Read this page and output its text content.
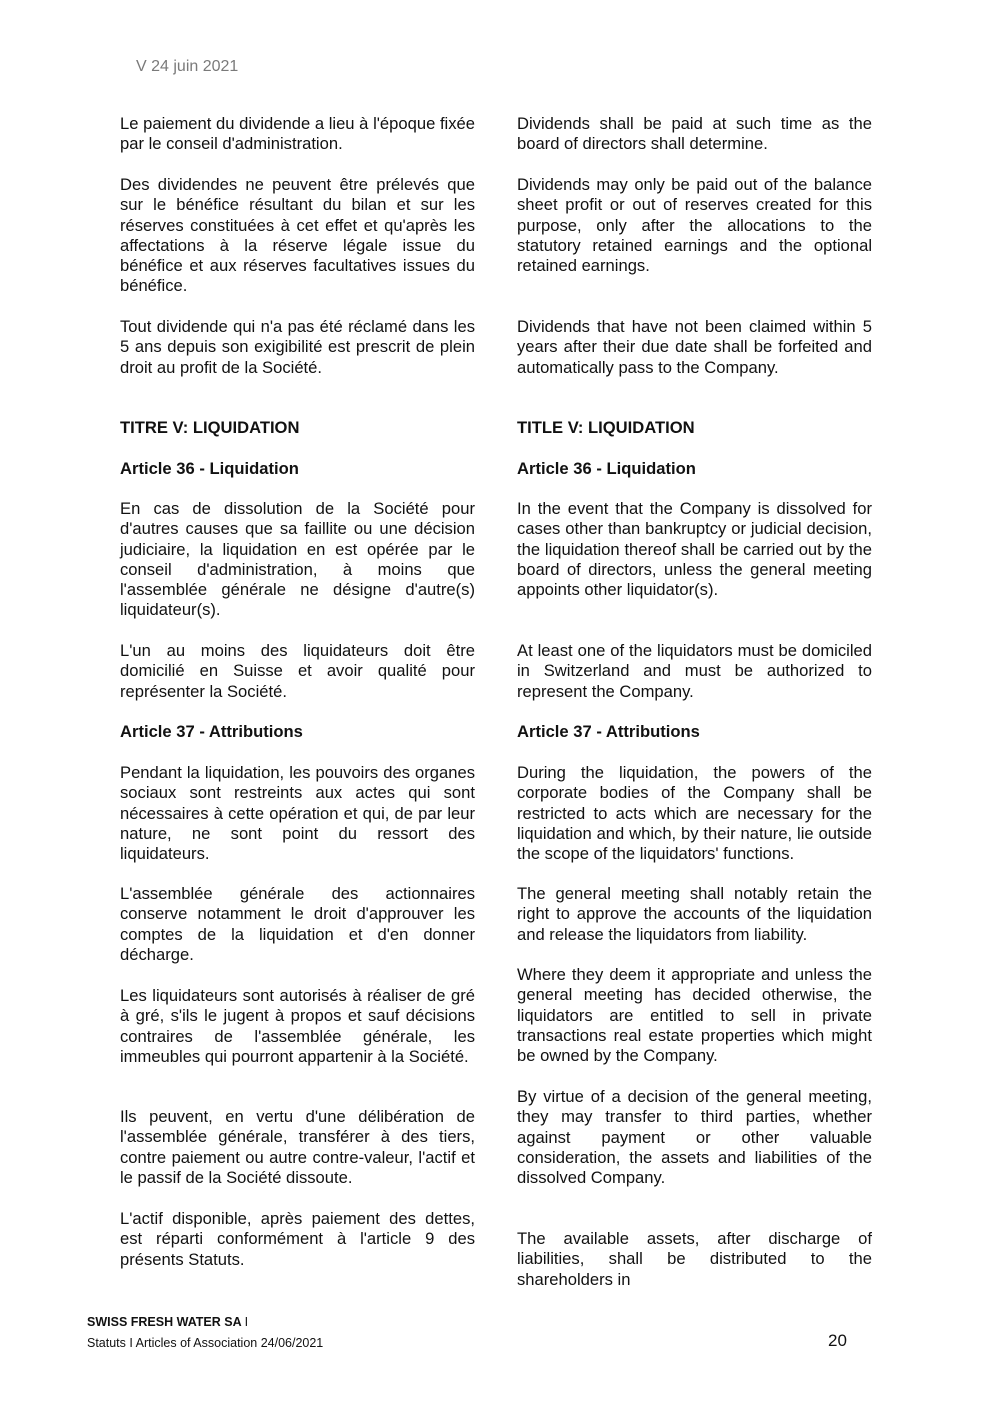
V 24 juin 2021

Le paiement du dividende a lieu à l'époque fixée par le conseil d'administration.

Des dividendes ne peuvent être prélevés que sur le bénéfice résultant du bilan et sur les réserves constituées à cet effet et qu'après les affectations à la réserve légale issue du bénéfice et aux réserves facultatives issues du bénéfice.

Tout dividende qui n'a pas été réclamé dans les 5 ans depuis son exigibilité est prescrit de plein droit au profit de la Société.

TITRE V: LIQUIDATION

Article 36 - Liquidation

En cas de dissolution de la Société pour d'autres causes que sa faillite ou une décision judiciaire, la liquidation en est opérée par le conseil d'administration, à moins que l'assemblée générale ne désigne d'autre(s) liquidateur(s).

L'un au moins des liquidateurs doit être domicilié en Suisse et avoir qualité pour représenter la Société.

Article 37 - Attributions

Pendant la liquidation, les pouvoirs des organes sociaux sont restreints aux actes qui sont nécessaires à cette opération et qui, de par leur nature, ne sont point du ressort des liquidateurs.

L'assemblée générale des actionnaires conserve notamment le droit d'approuver les comptes de la liquidation et d'en donner décharge.

Les liquidateurs sont autorisés à réaliser de gré à gré, s'ils le jugent à propos et sauf décisions contraires de l'assemblée générale, les immeubles qui pourront appartenir à la Société.

Ils peuvent, en vertu d'une délibération de l'assemblée générale, transférer à des tiers, contre paiement ou autre contre-valeur, l'actif et le passif de la Société dissoute.

L'actif disponible, après paiement des dettes, est réparti conformément à l'article 9 des présents Statuts.

Dividends shall be paid at such time as the board of directors shall determine.

Dividends may only be paid out of the balance sheet profit or out of reserves created for this purpose, only after the allocations to the statutory retained earnings and the optional retained earnings.

Dividends that have not been claimed within 5 years after their due date shall be forfeited and automatically pass to the Company.

TITLE V: LIQUIDATION

Article 36 - Liquidation

In the event that the Company is dissolved for cases other than bankruptcy or judicial decision, the liquidation thereof shall be carried out by the board of directors, unless the general meeting appoints other liquidator(s).

At least one of the liquidators must be domiciled in Switzerland and must be authorized to represent the Company.

Article 37 - Attributions

During the liquidation, the powers of the corporate bodies of the Company shall be restricted to acts which are necessary for the liquidation and which, by their nature, lie outside the scope of the liquidators' functions.

The general meeting shall notably retain the right to approve the accounts of the liquidation and release the liquidators from liability.

Where they deem it appropriate and unless the general meeting has decided otherwise, the liquidators are entitled to sell in private transactions real estate properties which might be owned by the Company.

By virtue of a decision of the general meeting, they may transfer to third parties, whether against payment or other valuable consideration, the assets and liabilities of the dissolved Company.

The available assets, after discharge of liabilities, shall be distributed to the shareholders in

SWISS FRESH WATER SA I
Statuts I Articles of Association 24/06/2021	20
